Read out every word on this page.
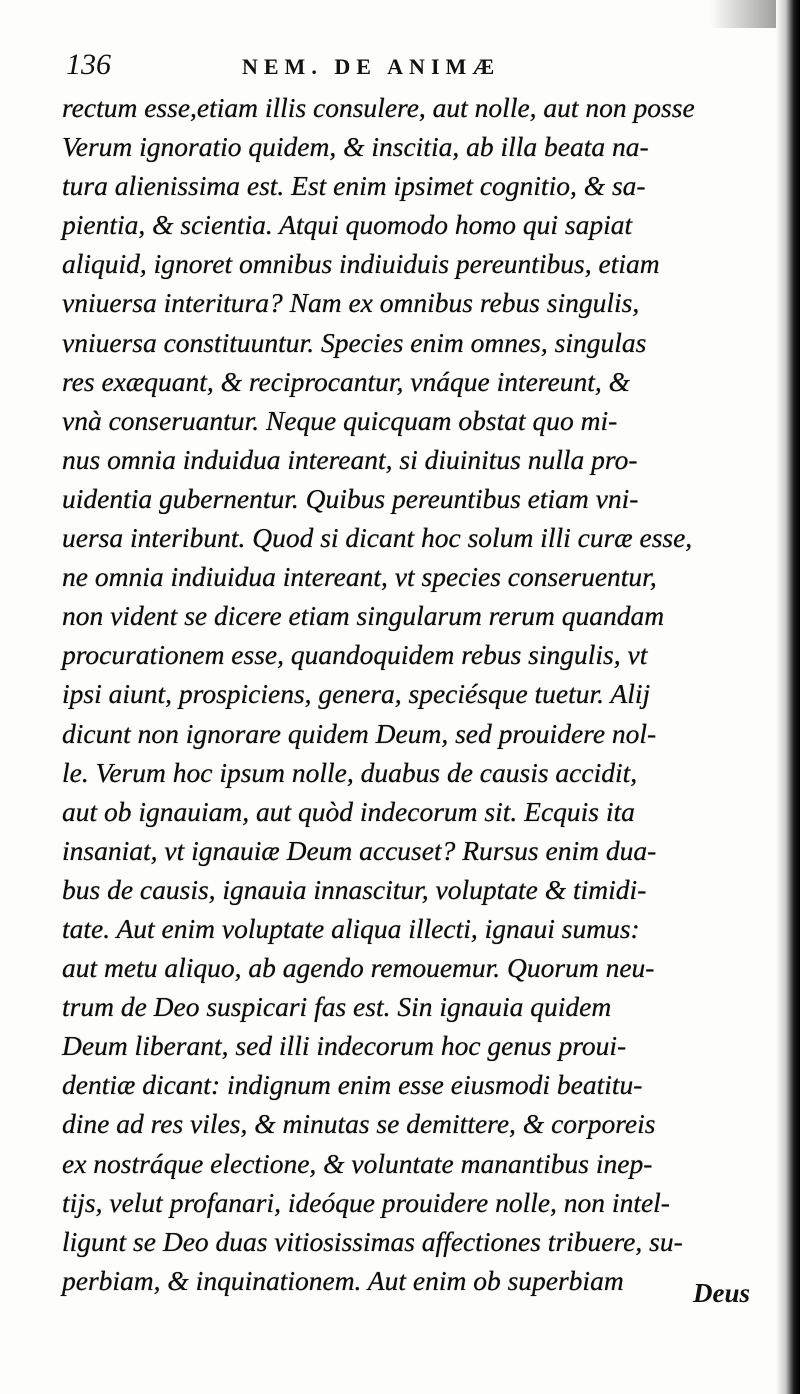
136	NEM. DE ANIMÆ
rectum esse,etiam illis consulere, aut nolle, aut non posse
Verum ignoratio quidem, & inscitia, ab illa beata na-
tura alienissima est. Est enim ipsimet cognitio, & sa-
pientia, & scientia. Atqui quomodo homo qui sapiat
aliquid, ignoret omnibus indiuiduis pereuntibus, etiam
vniuersa interitura? Nam ex omnibus rebus singulis,
vniuersa constituuntur. Species enim omnes, singulas
res exæquant, & reciprocantur, vnáque intereunt, &
vnà conseruantur. Neque quicquam obstat quo mi-
nus omnia induidua intereant, si diuinitus nulla pro-
uidentia gubernentur. Quibus pereuntibus etiam vni-
uersa interibunt. Quod si dicant hoc solum illi curæ esse,
ne omnia indiuidua intereant, vt species conseruentur,
non vident se dicere etiam singularum rerum quandam
procurationem esse, quandoquidem rebus singulis, vt
ipsi aiunt, prospiciens, genera, speciésque tuetur. Alij
dicunt non ignorare quidem Deum, sed prouidere nol-
le. Verum hoc ipsum nolle, duabus de causis accidit,
aut ob ignauiam, aut quòd indecorum sit. Ecquis ita
insaniat, vt ignauiæ Deum accuset? Rursus enim dua-
bus de causis, ignauia innascitur, voluptate & timidi-
tate. Aut enim voluptate aliqua illecti, ignaui sumus:
aut metu aliquo, ab agendo remouemur. Quorum neu-
trum de Deo suspicari fas est. Sin ignauia quidem
Deum liberant, sed illi indecorum hoc genus proui-
dentiæ dicant: indignum enim esse eiusmodi beatitu-
dine ad res viles, & minutas se demittere, & corporeis
ex nostráque electione, & voluntate manantibus inep-
tijs, velut profanari, ideóque prouidere nolle, non intel-
ligunt se Deo duas vitiosissimas affectiones tribuere, su-
perbiam, & inquinationem. Aut enim ob superbiam	Deus
